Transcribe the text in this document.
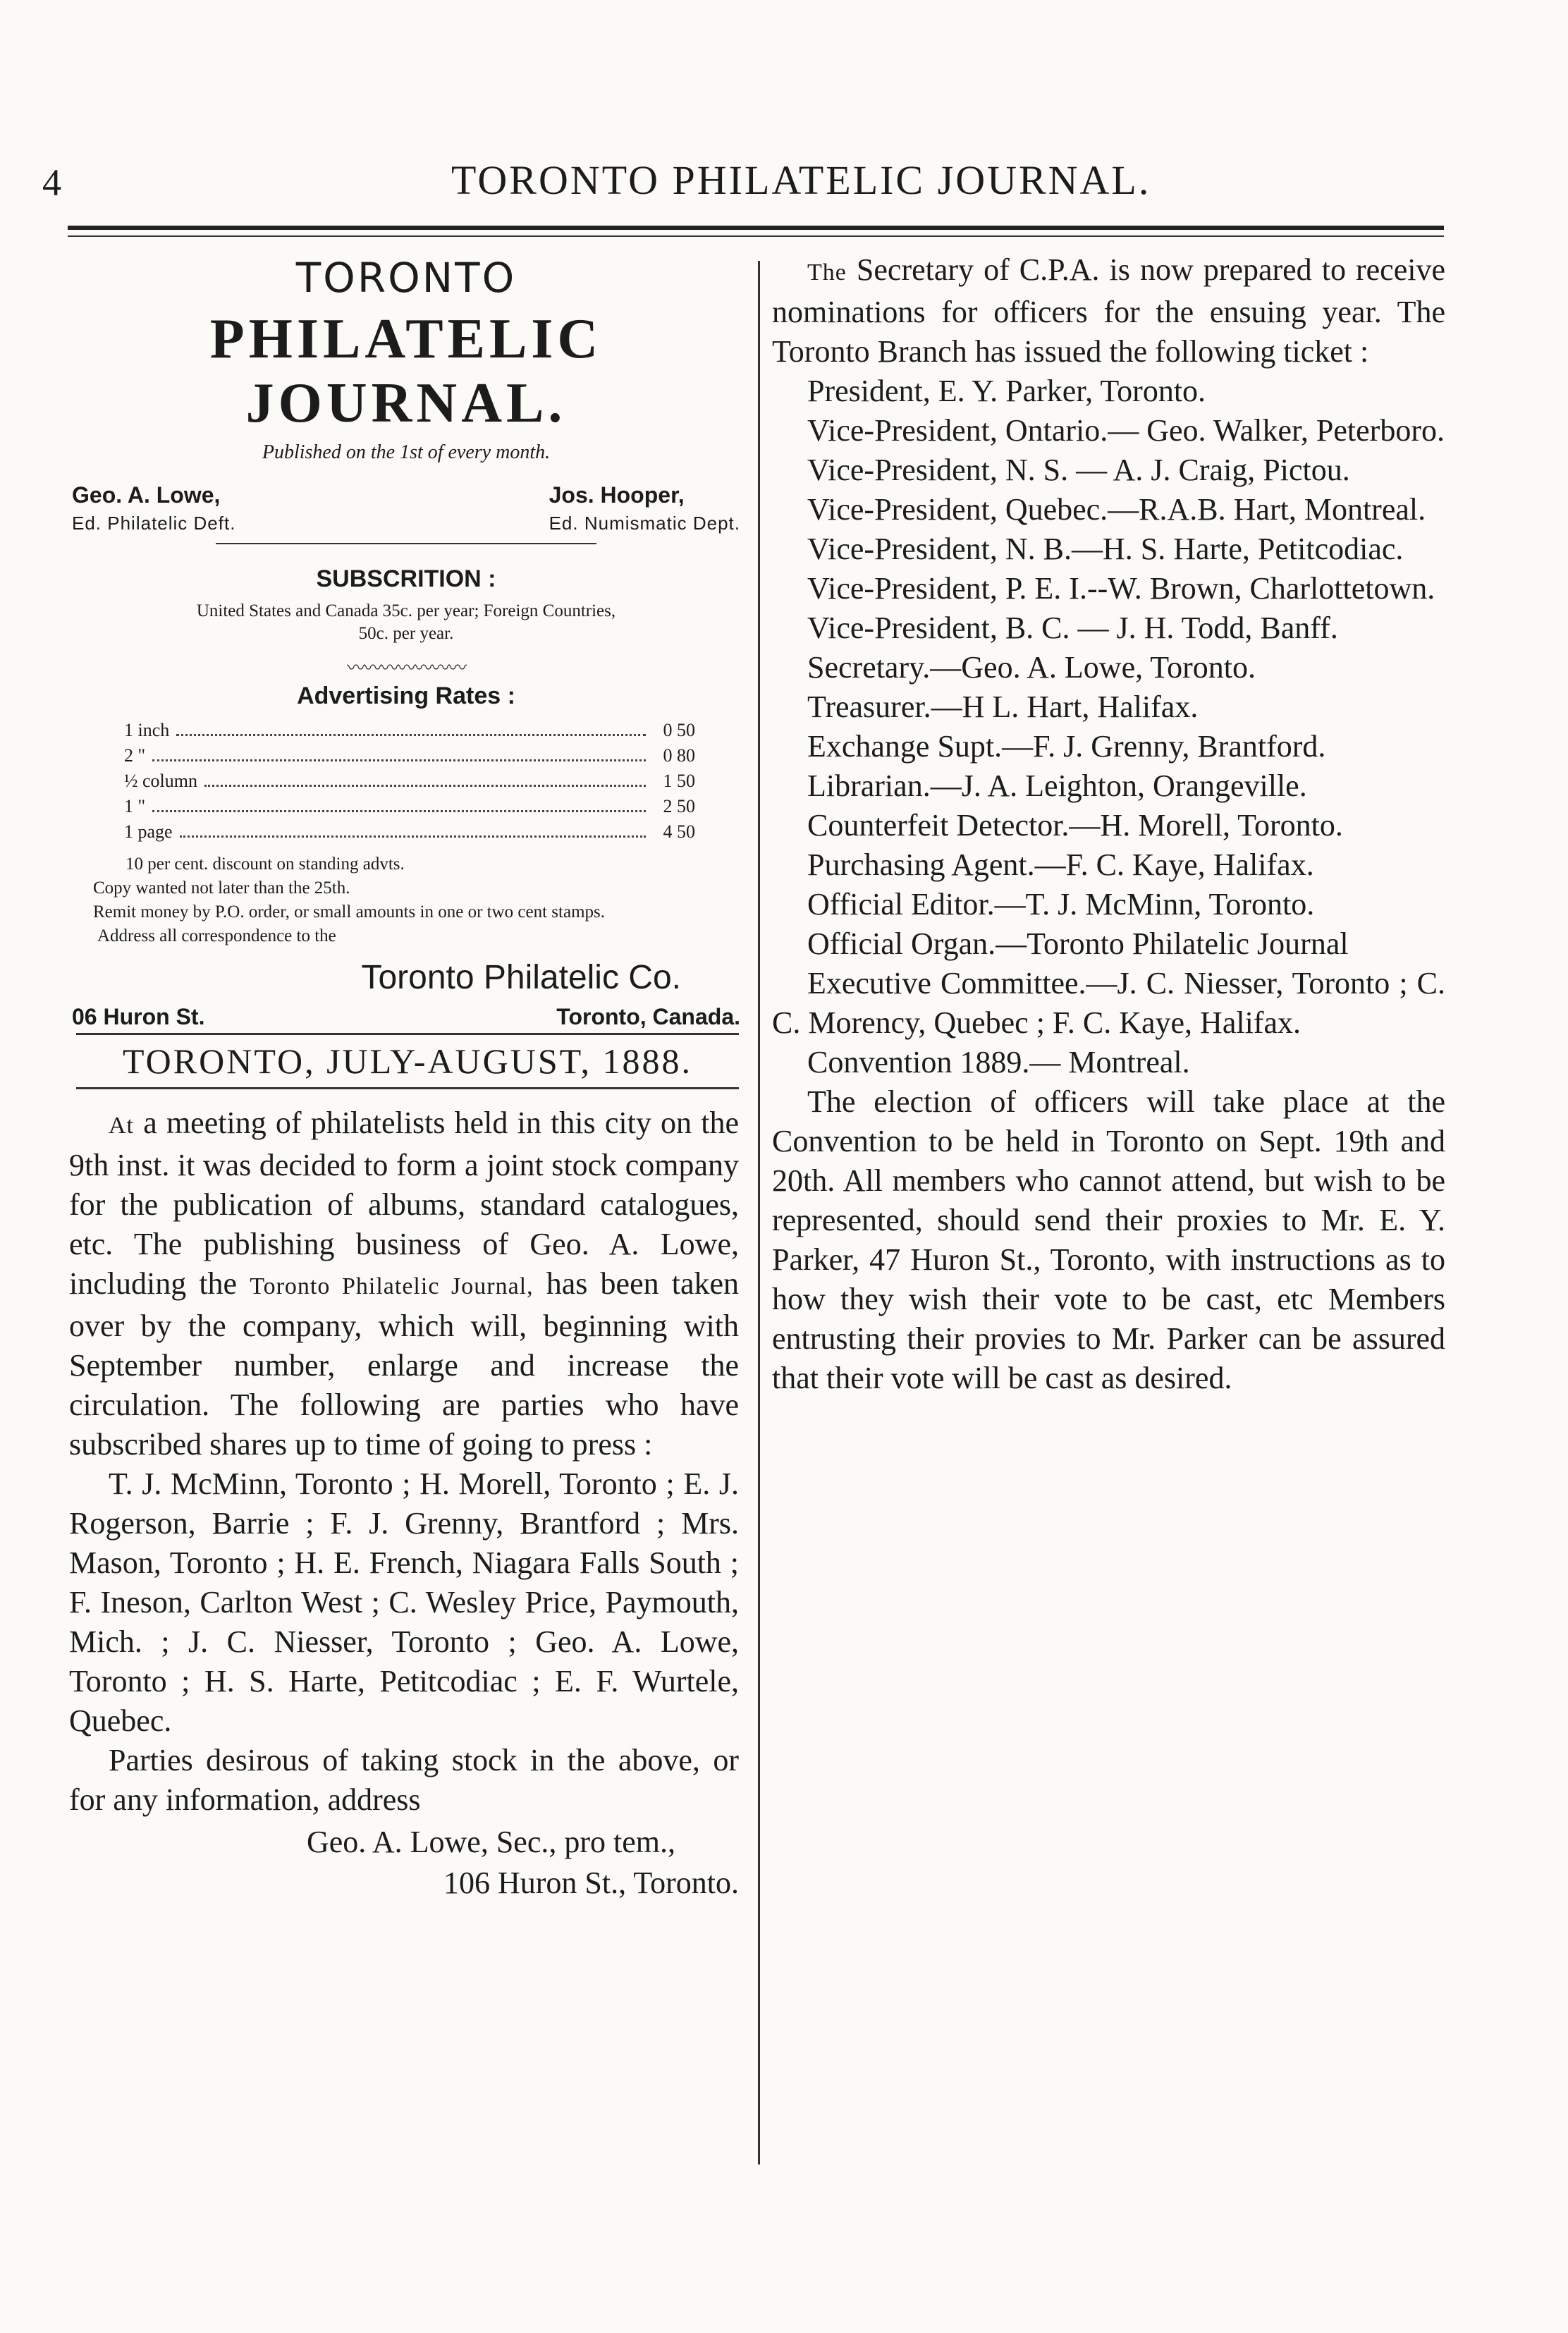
4	TORONTO PHILATELIC JOURNAL.
TORONTO
PHILATELIC JOURNAL.
Published on the 1st of every month.
Geo. A. Lowe,
Ed. Philatelic Deft.
Jos. Hooper,
Ed. Numismatic Dept.
SUBSCRITION :
United States and Canada 35c. per year; Foreign Countries,
50c. per year.
〰〰〰〰〰〰〰
Advertising Rates :
1 inch	0 50
2 "	0 80
½ column	1 50
1 "	2 50
1 page	4 50
10 per cent. discount on standing advts.
Copy wanted not later than the 25th.
Remit money by P.O. order, or small amounts in one or two cent stamps.
Address all correspondence to the
Toronto Philatelic Co.
06 Huron St.	Toronto, Canada.
TORONTO, JULY-AUGUST, 1888.

At a meeting of philatelists held in this city on the 9th inst. it was decided to form a joint stock company for the publication of albums, standard catalogues, etc. The publishing business of Geo. A. Lowe, including the Toronto Philatelic Journal, has been taken over by the company, which will, beginning with September number, enlarge and increase the circulation. The following are parties who have subscribed shares up to time of going to press :

T. J. McMinn, Toronto ; H. Morell, Toronto ; E. J. Rogerson, Barrie ; F. J. Grenny, Brantford ; Mrs. Mason, Toronto ; H. E. French, Niagara Falls South ; F. Ineson, Carlton West ; C. Wesley Price, Paymouth, Mich. ; J. C. Niesser, Toronto ; Geo. A. Lowe, Toronto ; H. S. Harte, Petitcodiac ; E. F. Wurtele, Quebec.

Parties desirous of taking stock in the above, or for any information, address

Geo. A. Lowe, Sec., pro tem.,
106 Huron St., Toronto.

The Secretary of C.P.A. is now prepared to receive nominations for officers for the ensuing year. The Toronto Branch has issued the following ticket :

President, E. Y. Parker, Toronto.

Vice-President, Ontario.— Geo. Walker, Peterboro.

Vice-President, N. S. — A. J. Craig, Pictou.

Vice-President, Quebec.—R.A.B. Hart, Montreal.

Vice-President, N. B.—H. S. Harte, Petitcodiac.

Vice-President, P. E. I.--W. Brown, Charlottetown.

Vice-President, B. C. — J. H. Todd, Banff.

Secretary.—Geo. A. Lowe, Toronto.

Treasurer.—H L. Hart, Halifax.

Exchange Supt.—F. J. Grenny, Brantford.

Librarian.—J. A. Leighton, Orangeville.

Counterfeit Detector.—H. Morell, Toronto.

Purchasing Agent.—F. C. Kaye, Halifax.

Official Editor.—T. J. McMinn, Toronto.

Official Organ.—Toronto Philatelic Journal

Executive Committee.—J. C. Niesser, Toronto ; C. C. Morency, Quebec ; F. C. Kaye, Halifax.

Convention 1889.— Montreal.

The election of officers will take place at the Convention to be held in Toronto on Sept. 19th and 20th. All members who cannot attend, but wish to be represented, should send their proxies to Mr. E. Y. Parker, 47 Huron St., Toronto, with instructions as to how they wish their vote to be cast, etc Members entrusting their provies to Mr. Parker can be assured that their vote will be cast as desired.
